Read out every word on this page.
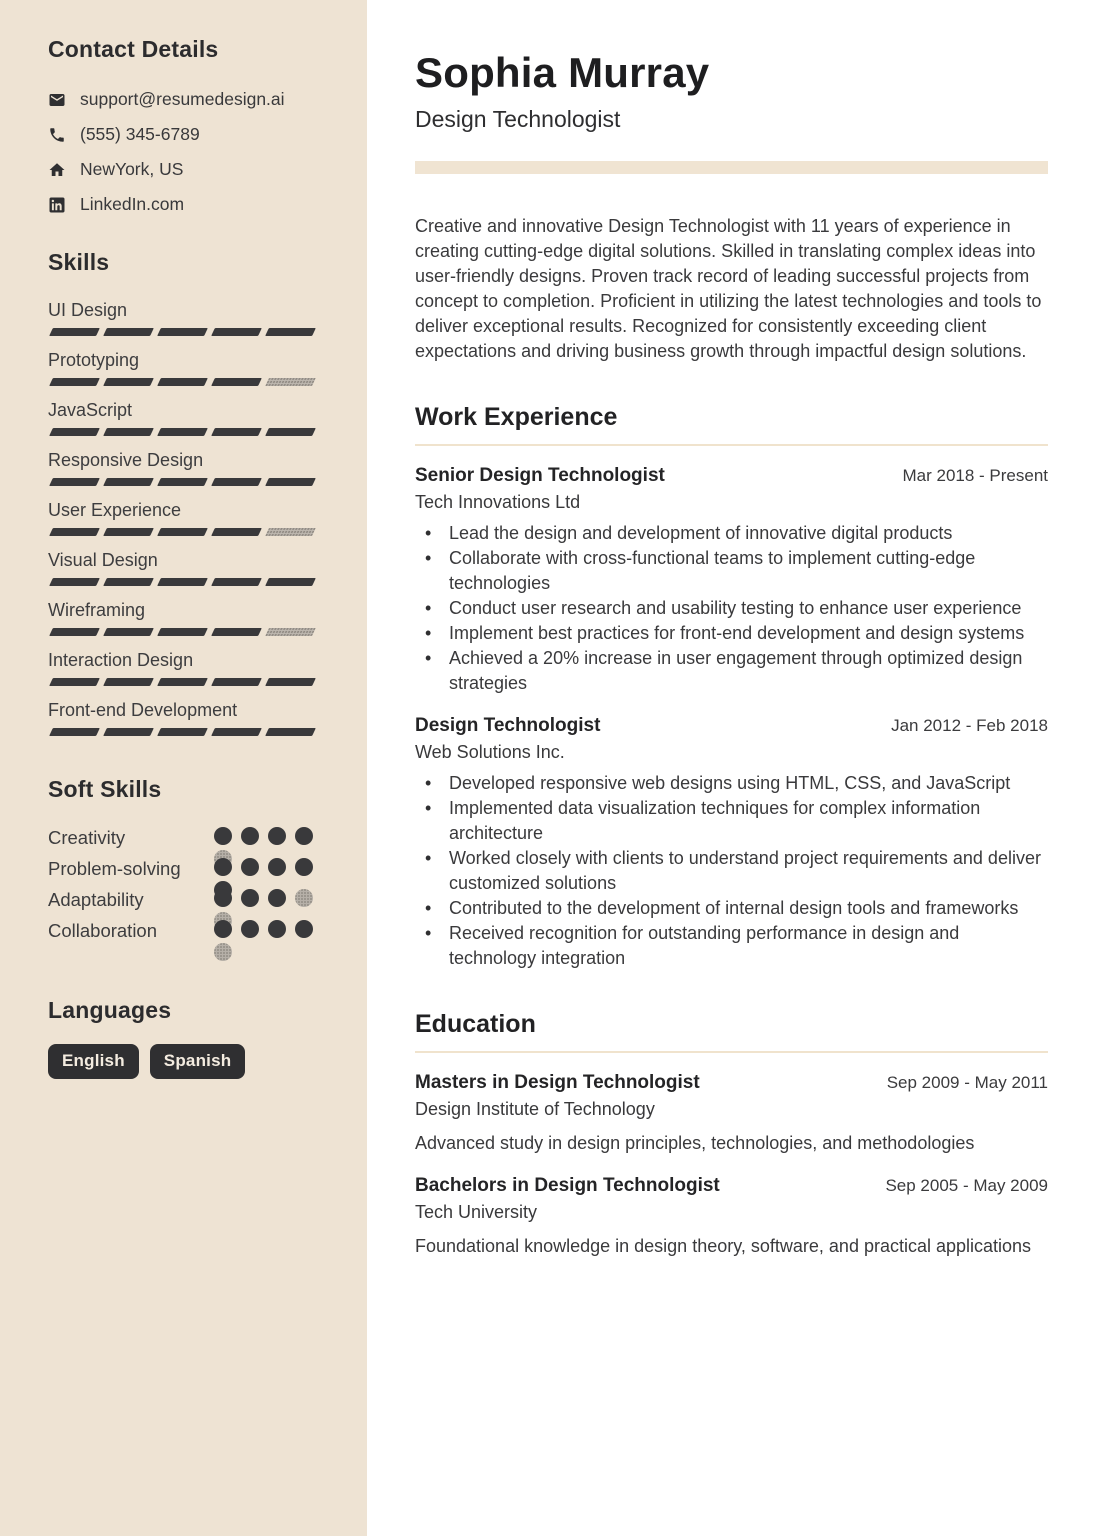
Contact Details
support@resumedesign.ai
(555) 345-6789
NewYork, US
LinkedIn.com
Skills
UI Design
Prototyping
JavaScript
Responsive Design
User Experience
Visual Design
Wireframing
Interaction Design
Front-end Development
Soft Skills
Creativity
Problem-solving
Adaptability
Collaboration
Languages
English	Spanish
Sophia Murray
Design Technologist
Creative and innovative Design Technologist with 11 years of experience in creating cutting-edge digital solutions. Skilled in translating complex ideas into user-friendly designs. Proven track record of leading successful projects from concept to completion. Proficient in utilizing the latest technologies and tools to deliver exceptional results. Recognized for consistently exceeding client expectations and driving business growth through impactful design solutions.
Work Experience
Senior Design Technologist	Mar 2018 - Present
Tech Innovations Ltd
• Lead the design and development of innovative digital products
• Collaborate with cross-functional teams to implement cutting-edge technologies
• Conduct user research and usability testing to enhance user experience
• Implement best practices for front-end development and design systems
• Achieved a 20% increase in user engagement through optimized design strategies
Design Technologist	Jan 2012 - Feb 2018
Web Solutions Inc.
• Developed responsive web designs using HTML, CSS, and JavaScript
• Implemented data visualization techniques for complex information architecture
• Worked closely with clients to understand project requirements and deliver customized solutions
• Contributed to the development of internal design tools and frameworks
• Received recognition for outstanding performance in design and technology integration
Education
Masters in Design Technologist	Sep 2009 - May 2011
Design Institute of Technology
Advanced study in design principles, technologies, and methodologies
Bachelors in Design Technologist	Sep 2005 - May 2009
Tech University
Foundational knowledge in design theory, software, and practical applications
